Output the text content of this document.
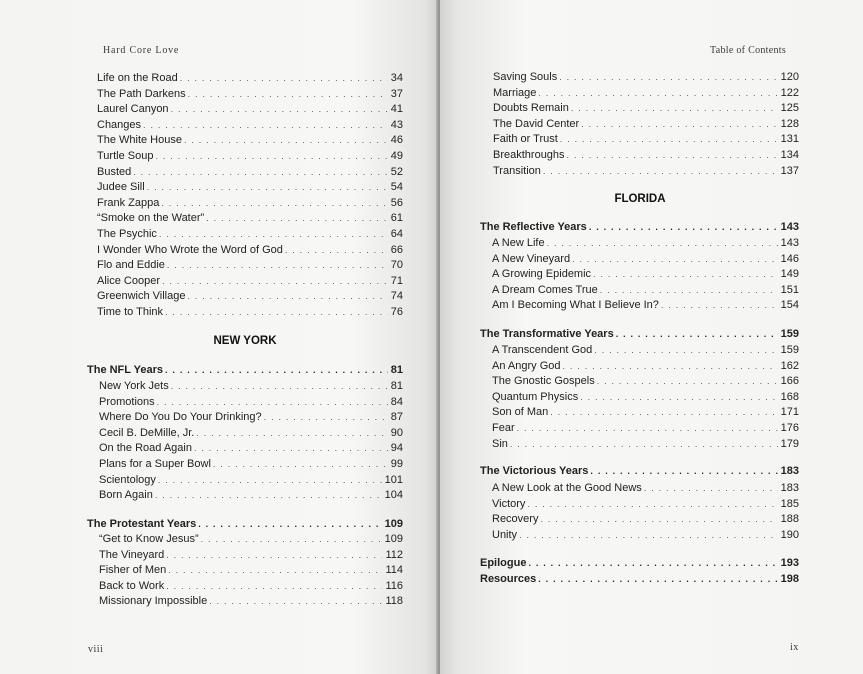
Hard Core Love
Life on the Road . . .	34
The Path Darkens . . .	37
Laurel Canyon . . .	41
Changes . . .	43
The White House . . .	46
Turtle Soup . . .	49
Busted . . .	52
Judee Sill . . .	54
Frank Zappa . . .	56
“Smoke on the Water” . . .	61
The Psychic . . .	64
I Wonder Who Wrote the Word of God . . .	66
Flo and Eddie . . .	70
Alice Cooper . . .	71
Greenwich Village . . .	74
Time to Think . . .	76
The NFL Years . . .	81
New York Jets . . .	81
Promotions . . .	84
Where Do You Do Your Drinking? . . .	87
Cecil B. DeMille, Jr. . . .	90
On the Road Again . . .	94
Plans for a Super Bowl . . .	99
Scientology . . .	101
Born Again . . .	104
The Protestant Years . . .	109
“Get to Know Jesus” . . .	109
The Vineyard . . .	112
Fisher of Men . . .	114
Back to Work . . .	116
Missionary Impossible . . .	118
NEW YORK
viii
Table of Contents
Saving Souls . . .	120
Marriage . . .	122
Doubts Remain . . .	125
The David Center . . .	128
Faith or Trust . . .	131
Breakthroughs . . .	134
Transition . . .	137
The Reflective Years . . .	143
A New Life . . .	143
A New Vineyard . . .	146
A Growing Epidemic . . .	149
A Dream Comes True . . .	151
Am I Becoming What I Believe In? . . .	154
The Transformative Years . . .	159
A Transcendent God . . .	159
An Angry God . . .	162
The Gnostic Gospels . . .	166
Quantum Physics . . .	168
Son of Man . . .	171
Fear . . .	176
Sin . . .	179
The Victorious Years . . .	183
A New Look at the Good News . . .	183
Victory . . .	185
Recovery . . .	188
Unity . . .	190
Epilogue . . .	193
Resources . . .	198
FLORIDA
ix
